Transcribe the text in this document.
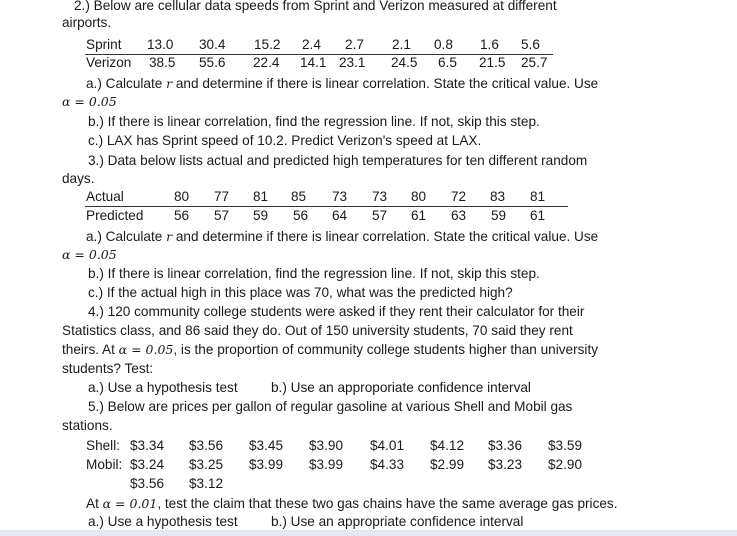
2.) Below are cellular data speeds from Sprint and Verizon measured at different
airports.
Sprint 13.0 30.4 15.2 2.4 2.7 2.1 0.8 1.6 5.6
Verizon 38.5 55.6 22.4 14.1 23.1 24.5 6.5 21.5 25.7
a.) Calculate r and determine if there is linear correlation. State the critical value. Use
α = 0.05
b.) If there is linear correlation, find the regression line. If not, skip this step.
c.) LAX has Sprint speed of 10.2. Predict Verizon's speed at LAX.
3.) Data below lists actual and predicted high temperatures for ten different random
days.
Actual	80 77 81 85 73 73 80 72 83 81
Predicted 56 57 59 56 64 57 61 63 59 61
a.) Calculate r and determine if there is linear correlation. State the critical value. Use
α = 0.05
b.) If there is linear correlation, find the regression line. If not, skip this step.
c.) If the actual high in this place was 70, what was the predicted high?
4.) 120 community college students were asked if they rent their calculator for their
Statistics class, and 86 said they do. Out of 150 university students, 70 said they rent
theirs. At α = 0.05, is the proportion of community college students higher than university
students? Test:
a.) Use a hypothesis test b.) Use an approporiate confidence interval
5.) Below are prices per gallon of regular gasoline at various Shell and Mobil gas
stations.
Shell: $3.34 $3.56 $3.45 $3.90 $4.01 $4.12 $3.36 $3.59
Mobil: $3.24 $3.25 $3.99 $3.99 $4.33 $2.99 $3.23 $2.90
$3.56 $3.12
At α = 0.01, test the claim that these two gas chains have the same average gas prices.
a.) Use a hypothesis test b.) Use an appropriate confidence interval
